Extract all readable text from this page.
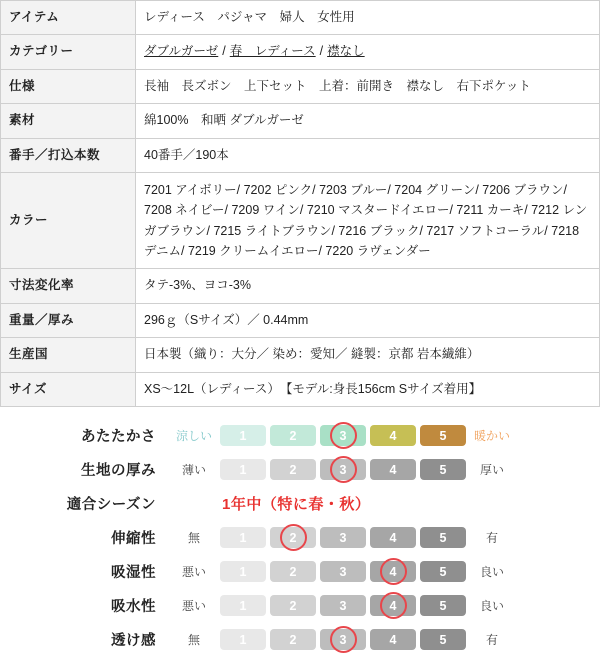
アイテム	レディース　パジャマ　婦人　女性用
カテゴリー	ダブルガーゼ / 春　レディース / 襟なし
仕様	長袖　長ズボン　上下セット　上着：前開き　襟なし　右下ポケット
素材	綿100%　和晒 ダブルガーゼ
番手／打込本数	40番手／190本
カラー	7201 アイボリー/ 7202 ピンク/ 7203 ブルー/ 7204 グリーン/ 7206 ブラウン/ 7208 ネイビー/ 7209 ワイン/ 7210 マスタードイエロー/ 7211 カーキ/ 7212 レンガブラウン/ 7215 ライトブラウン/ 7216 ブラック/ 7217 ソフトコーラル/ 7218 デニム/ 7219 クリームイエロー/ 7220 ラヴェンダー
寸法変化率	タテ-3%、ヨコ-3%
重量／厚み	296ｇ（Sサイズ）／ 0.44mm
生産国	日本製（織り：大分／ 染め：愛知／ 縫製：京都 岩本繊維）
サイズ	XS〜12L（レディース）　【モデル:身長156cm Sサイズ着用】
あたたかさ	涼しい	1	2	3	4	5	暖かい
生地の厚み	薄い	1	2	3	4	5	厚い
適合シーズン	1年中（特に春・秋）
伸縮性	無	1	2	3	4	5	有
吸湿性	悪い	1	2	3	4	5	良い
吸水性	悪い	1	2	3	4	5	良い
透け感	無	1	2	3	4	5	有
